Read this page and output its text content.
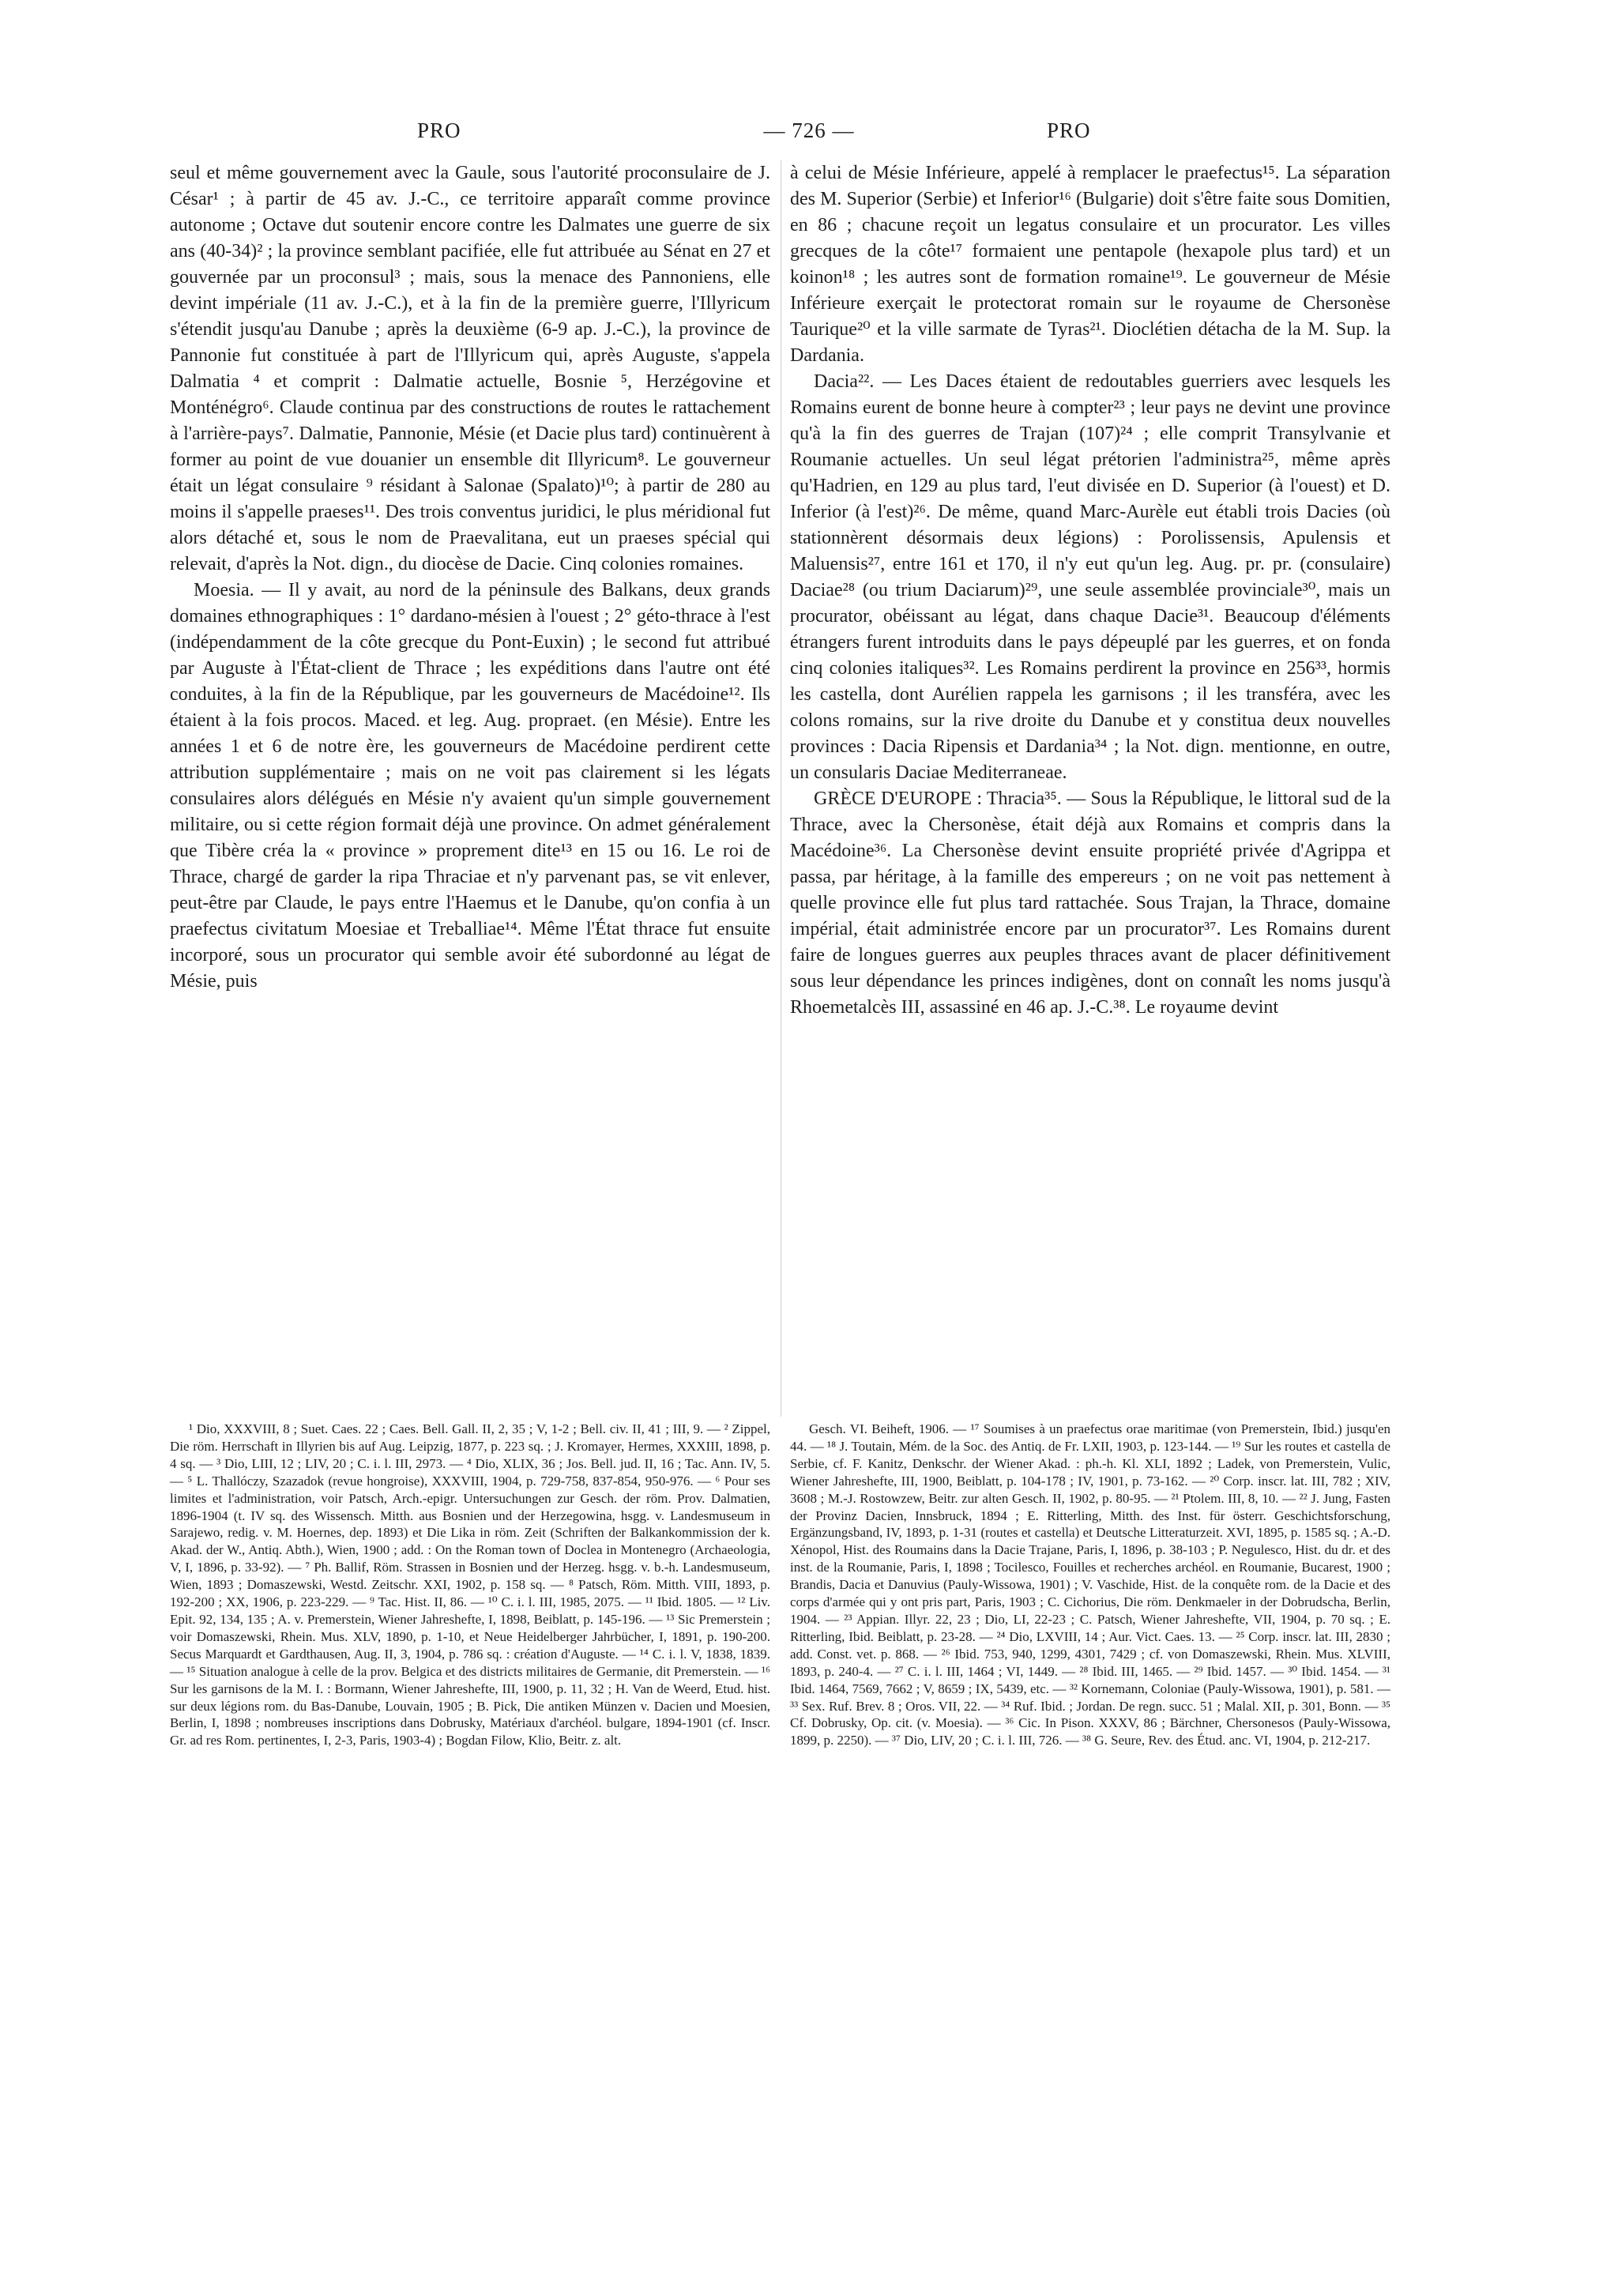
PRO	— 726 —	PRO

seul et même gouvernement avec la Gaule, sous l'autorité proconsulaire de J. César¹ ; à partir de 45 av. J.-C., ce territoire apparaît comme province autonome ; Octave dut soutenir encore contre les Dalmates une guerre de six ans (40-34)² ; la province semblant pacifiée, elle fut attribuée au Sénat en 27 et gouvernée par un proconsul³ ; mais, sous la menace des Pannoniens, elle devint impériale (11 av. J.-C.), et à la fin de la première guerre, l'Illyricum s'étendit jusqu'au Danube ; après la deuxième (6-9 ap. J.-C.), la province de Pannonie fut constituée à part de l'Illyricum qui, après Auguste, s'appela Dalmatia ⁴ et comprit : Dalmatie actuelle, Bosnie ⁵, Herzégovine et Monténégro⁶. Claude continua par des constructions de routes le rattachement à l'arrière-pays⁷. Dalmatie, Pannonie, Mésie (et Dacie plus tard) continuèrent à former au point de vue douanier un ensemble dit Illyricum⁸. Le gouverneur était un légat consulaire ⁹ résidant à Salonae (Spalato)¹⁰; à partir de 280 au moins il s'appelle praeses¹¹. Des trois conventus juridici, le plus méridional fut alors détaché et, sous le nom de Praevalitana, eut un praeses spécial qui relevait, d'après la Not. dign., du diocèse de Dacie. Cinq colonies romaines.

Moesia. — Il y avait, au nord de la péninsule des Balkans, deux grands domaines ethnographiques : 1° dardano-mésien à l'ouest ; 2° géto-thrace à l'est (indépendamment de la côte grecque du Pont-Euxin) ; le second fut attribué par Auguste à l'État-client de Thrace ; les expéditions dans l'autre ont été conduites, à la fin de la République, par les gouverneurs de Macédoine¹². Ils étaient à la fois procos. Maced. et leg. Aug. propraet. (en Mésie). Entre les années 1 et 6 de notre ère, les gouverneurs de Macédoine perdirent cette attribution supplémentaire ; mais on ne voit pas clairement si les légats consulaires alors délégués en Mésie n'y avaient qu'un simple gouvernement militaire, ou si cette région formait déjà une province. On admet généralement que Tibère créa la « province » proprement dite¹³ en 15 ou 16. Le roi de Thrace, chargé de garder la ripa Thraciae et n'y parvenant pas, se vit enlever, peut-être par Claude, le pays entre l'Haemus et le Danube, qu'on confia à un praefectus civitatum Moesiae et Treballiae¹⁴. Même l'État thrace fut ensuite incorporé, sous un procurator qui semble avoir été subordonné au légat de Mésie, puis

à celui de Mésie Inférieure, appelé à remplacer le praefectus¹⁵. La séparation des M. Superior (Serbie) et Inferior¹⁶ (Bulgarie) doit s'être faite sous Domitien, en 86 ; chacune reçoit un legatus consulaire et un procurator. Les villes grecques de la côte¹⁷ formaient une pentapole (hexapole plus tard) et un koinon¹⁸ ; les autres sont de formation romaine¹⁹. Le gouverneur de Mésie Inférieure exerçait le protectorat romain sur le royaume de Chersonèse Taurique²⁰ et la ville sarmate de Tyras²¹. Dioclétien détacha de la M. Sup. la Dardania.

Dacia²². — Les Daces étaient de redoutables guerriers avec lesquels les Romains eurent de bonne heure à compter²³ ; leur pays ne devint une province qu'à la fin des guerres de Trajan (107)²⁴ ; elle comprit Transylvanie et Roumanie actuelles. Un seul légat prétorien l'administra²⁵, même après qu'Hadrien, en 129 au plus tard, l'eut divisée en D. Superior (à l'ouest) et D. Inferior (à l'est)²⁶. De même, quand Marc-Aurèle eut établi trois Dacies (où stationnèrent désormais deux légions) : Porolissensis, Apulensis et Maluensis²⁷, entre 161 et 170, il n'y eut qu'un leg. Aug. pr. pr. (consulaire) Daciae²⁸ (ou trium Daciarum)²⁹, une seule assemblée provinciale³⁰, mais un procurator, obéissant au légat, dans chaque Dacie³¹. Beaucoup d'éléments étrangers furent introduits dans le pays dépeuplé par les guerres, et on fonda cinq colonies italiques³². Les Romains perdirent la province en 256³³, hormis les castella, dont Aurélien rappela les garnisons ; il les transféra, avec les colons romains, sur la rive droite du Danube et y constitua deux nouvelles provinces : Dacia Ripensis et Dardania³⁴ ; la Not. dign. mentionne, en outre, un consularis Daciae Mediterraneae.

GRÈCE D'EUROPE : Thracia³⁵. — Sous la République, le littoral sud de la Thrace, avec la Chersonèse, était déjà aux Romains et compris dans la Macédoine³⁶. La Chersonèse devint ensuite propriété privée d'Agrippa et passa, par héritage, à la famille des empereurs ; on ne voit pas nettement à quelle province elle fut plus tard rattachée. Sous Trajan, la Thrace, domaine impérial, était administrée encore par un procurator³⁷. Les Romains durent faire de longues guerres aux peuples thraces avant de placer définitivement sous leur dépendance les princes indigènes, dont on connaît les noms jusqu'à Rhoemetalcès III, assassiné en 46 ap. J.-C.³⁸. Le royaume devint

¹ Dio, XXXVIII, 8 ; Suet. Caes. 22 ; Caes. Bell. Gall. II, 2, 35 ; V, 1-2 ; Bell. civ. II, 41 ; III, 9. — ² Zippel, Die röm. Herrschaft in Illyrien bis auf Aug. Leipzig, 1877, p. 223 sq. ; J. Kromayer, Hermes, XXXIII, 1898, p. 4 sq. — ³ Dio, LIII, 12 ; LIV, 20 ; C. i. l. III, 2973. — ⁴ Dio, XLIX, 36 ; Jos. Bell. jud. II, 16 ; Tac. Ann. IV, 5. — ⁵ L. Thallóczy, Szazadok (revue hongroise), XXXVIII, 1904, p. 729-758, 837-854, 950-976. — ⁶ Pour ses limites et l'administration, voir Patsch, Arch.-epigr. Untersuchungen zur Gesch. der röm. Prov. Dalmatien, 1896-1904 (t. IV sq. des Wissensch. Mitth. aus Bosnien und der Herzegowina, hsgg. v. Landesmuseum in Sarajewo, redig. v. M. Hoernes, dep. 1893) et Die Lika in röm. Zeit (Schriften der Balkankommission der k. Akad. der W., Antiq. Abth.), Wien, 1900 ; add. : On the Roman town of Doclea in Montenegro (Archaeologia, V, I, 1896, p. 33-92). — ⁷ Ph. Ballif, Röm. Strassen in Bosnien und der Herzeg. hsgg. v. b.-h. Landesmuseum, Wien, 1893 ; Domaszewski, Westd. Zeitschr. XXI, 1902, p. 158 sq. — ⁸ Patsch, Röm. Mitth. VIII, 1893, p. 192-200 ; XX, 1906, p. 223-229. — ⁹ Tac. Hist. II, 86. — ¹⁰ C. i. l. III, 1985, 2075. — ¹¹ Ibid. 1805. — ¹² Liv. Epit. 92, 134, 135 ; A. v. Premerstein, Wiener Jahreshefte, I, 1898, Beiblatt, p. 145-196. — ¹³ Sic Premerstein ; voir Domaszewski, Rhein. Mus. XLV, 1890, p. 1-10, et Neue Heidelberger Jahrbücher, I, 1891, p. 190-200. Secus Marquardt et Gardthausen, Aug. II, 3, 1904, p. 786 sq. : création d'Auguste. — ¹⁴ C. i. l. V, 1838, 1839. — ¹⁵ Situation analogue à celle de la prov. Belgica et des districts militaires de Germanie, dit Premerstein. — ¹⁶ Sur les garnisons de la M. I. : Bormann, Wiener Jahreshefte, III, 1900, p. 11, 32 ; H. Van de Weerd, Etud. hist. sur deux légions rom. du Bas-Danube, Louvain, 1905 ; B. Pick, Die antiken Münzen v. Dacien und Moesien, Berlin, I, 1898 ; nombreuses inscriptions dans Dobrusky, Matériaux d'archéol. bulgare, 1894-1901 (cf. Inscr. Gr. ad res Rom. pertinentes, I, 2-3, Paris, 1903-4) ; Bogdan Filow, Klio, Beitr. z. alt.

Gesch. VI. Beiheft, 1906. — ¹⁷ Soumises à un praefectus orae maritimae (von Premerstein, Ibid.) jusqu'en 44. — ¹⁸ J. Toutain, Mém. de la Soc. des Antiq. de Fr. LXII, 1903, p. 123-144. — ¹⁹ Sur les routes et castella de Serbie, cf. F. Kanitz, Denkschr. der Wiener Akad. : ph.-h. Kl. XLI, 1892 ; Ladek, von Premerstein, Vulic, Wiener Jahreshefte, III, 1900, Beiblatt, p. 104-178 ; IV, 1901, p. 73-162. — ²⁰ Corp. inscr. lat. III, 782 ; XIV, 3608 ; M.-J. Rostowzew, Beitr. zur alten Gesch. II, 1902, p. 80-95. — ²¹ Ptolem. III, 8, 10. — ²² J. Jung, Fasten der Provinz Dacien, Innsbruck, 1894 ; E. Ritterling, Mitth. des Inst. für österr. Geschichtsforschung, Ergänzungsband, IV, 1893, p. 1-31 (routes et castella) et Deutsche Litteraturzeit. XVI, 1895, p. 1585 sq. ; A.-D. Xénopol, Hist. des Roumains dans la Dacie Trajane, Paris, I, 1896, p. 38-103 ; P. Negulesco, Hist. du dr. et des inst. de la Roumanie, Paris, I, 1898 ; Tocilesco, Fouilles et recherches archéol. en Roumanie, Bucarest, 1900 ; Brandis, Dacia et Danuvius (Pauly-Wissowa, 1901) ; V. Vaschide, Hist. de la conquête rom. de la Dacie et des corps d'armée qui y ont pris part, Paris, 1903 ; C. Cichorius, Die röm. Denkmaeler in der Dobrudscha, Berlin, 1904. — ²³ Appian. Illyr. 22, 23 ; Dio, LI, 22-23 ; C. Patsch, Wiener Jahreshefte, VII, 1904, p. 70 sq. ; E. Ritterling, Ibid. Beiblatt, p. 23-28. — ²⁴ Dio, LXVIII, 14 ; Aur. Vict. Caes. 13. — ²⁵ Corp. inscr. lat. III, 2830 ; add. Const. vet. p. 868. — ²⁶ Ibid. 753, 940, 1299, 4301, 7429 ; cf. von Domaszewski, Rhein. Mus. XLVIII, 1893, p. 240-4. — ²⁷ C. i. l. III, 1464 ; VI, 1449. — ²⁸ Ibid. III, 1465. — ²⁹ Ibid. 1457. — ³⁰ Ibid. 1454. — ³¹ Ibid. 1464, 7569, 7662 ; V, 8659 ; IX, 5439, etc. — ³² Kornemann, Coloniae (Pauly-Wissowa, 1901), p. 581. — ³³ Sex. Ruf. Brev. 8 ; Oros. VII, 22. — ³⁴ Ruf. Ibid. ; Jordan. De regn. succ. 51 ; Malal. XII, p. 301, Bonn. — ³⁵ Cf. Dobrusky, Op. cit. (v. Moesia). — ³⁶ Cic. In Pison. XXXV, 86 ; Bärchner, Chersonesos (Pauly-Wissowa, 1899, p. 2250). — ³⁷ Dio, LIV, 20 ; C. i. l. III, 726. — ³⁸ G. Seure, Rev. des Étud. anc. VI, 1904, p. 212-217.
